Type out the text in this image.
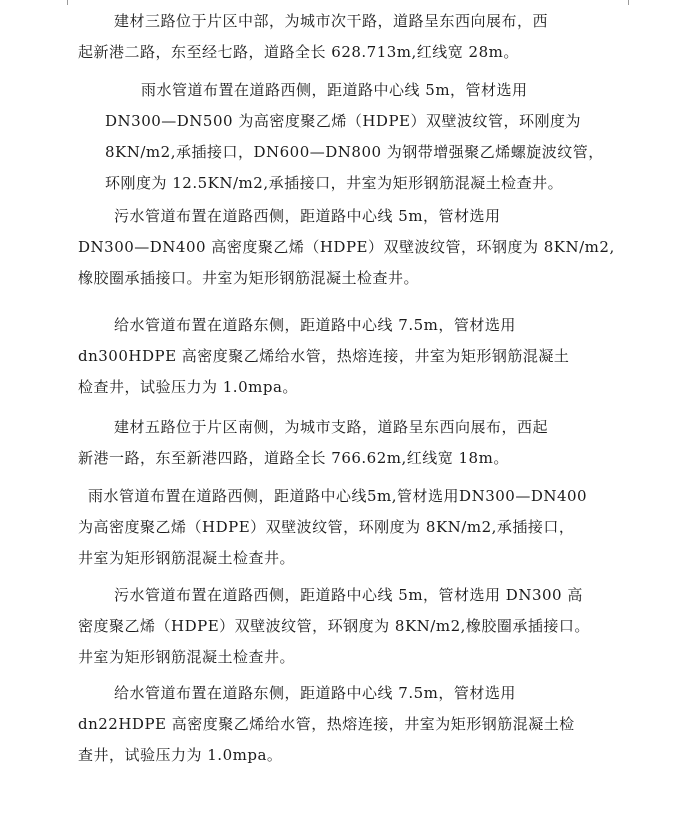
建材三路位于片区中部，为城市次干路，道路呈东西向展布，西
起新港二路，东至经七路，道路全长 628.713m,红线宽 28m。

雨水管道布置在道路西侧，距道路中心线 5m，管材选用
DN300—DN500 为高密度聚乙烯（HDPE）双壁波纹管，环刚度为
8KN/m2,承插接口，DN600—DN800 为钢带增强聚乙烯螺旋波纹管，
环刚度为 12.5KN/m2,承插接口，井室为矩形钢筋混凝土检查井。

污水管道布置在道路西侧，距道路中心线 5m，管材选用
DN300—DN400 高密度聚乙烯（HDPE）双壁波纹管，环钢度为 8KN/m2,
橡胶圈承插接口。井室为矩形钢筋混凝土检查井。

给水管道布置在道路东侧，距道路中心线 7.5m，管材选用
dn300HDPE 高密度聚乙烯给水管，热熔连接，井室为矩形钢筋混凝土
检查井，试验压力为 1.0mpa。

建材五路位于片区南侧，为城市支路，道路呈东西向展布，西起
新港一路，东至新港四路，道路全长 766.62m,红线宽 18m。

雨水管道布置在道路西侧，距道路中心线5m,管材选用DN300—DN400
为高密度聚乙烯（HDPE）双壁波纹管，环刚度为 8KN/m2,承插接口，
井室为矩形钢筋混凝土检查井。

污水管道布置在道路西侧，距道路中心线 5m，管材选用 DN300 高
密度聚乙烯（HDPE）双壁波纹管，环钢度为 8KN/m2,橡胶圈承插接口。
井室为矩形钢筋混凝土检查井。

给水管道布置在道路东侧，距道路中心线 7.5m，管材选用
dn22HDPE 高密度聚乙烯给水管，热熔连接，井室为矩形钢筋混凝土检
查井，试验压力为 1.0mpa。
